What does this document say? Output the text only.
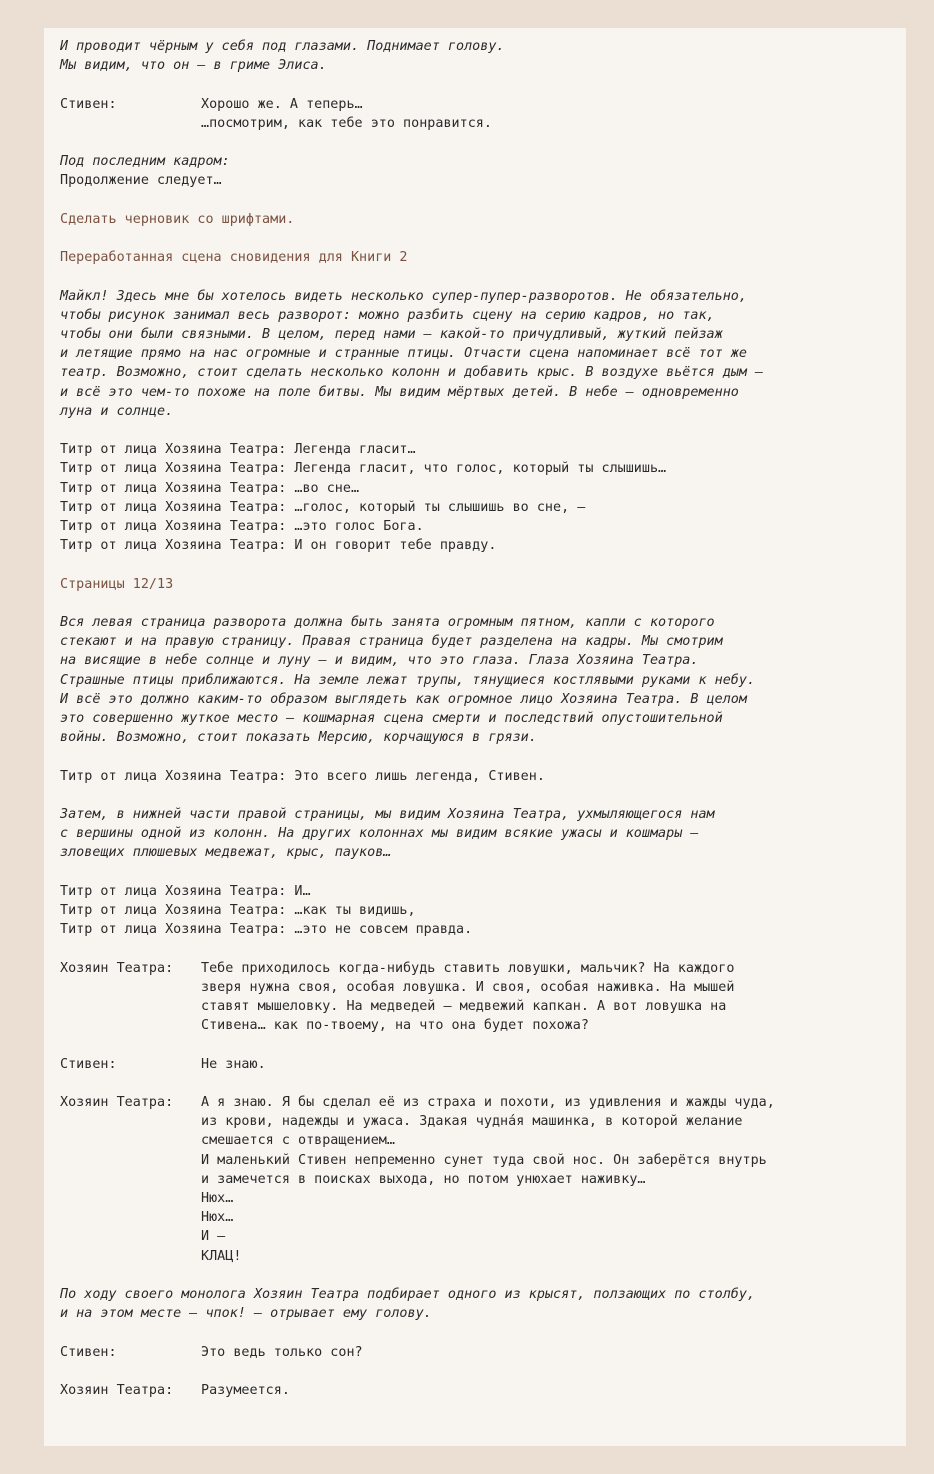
И проводит чёрным у себя под глазами. Поднимает голову.
Мы видим, что он – в гриме Элиса.
Стивен:	Хорошо же. А теперь…
…посмотрим, как тебе это понравится.
Под последним кадром:
Продолжение следует…
Сделать черновик со шрифтами.
Переработанная сцена сновидения для Книги 2
Майкл! Здесь мне бы хотелось видеть несколько супер-пупер-разворотов. Не обязательно,
чтобы рисунок занимал весь разворот: можно разбить сцену на серию кадров, но так,
чтобы они были связными. В целом, перед нами – какой-то причудливый, жуткий пейзаж
и летящие прямо на нас огромные и странные птицы. Отчасти сцена напоминает всё тот же
театр. Возможно, стоит сделать несколько колонн и добавить крыс. В воздухе вьётся дым –
и всё это чем-то похоже на поле битвы. Мы видим мёртвых детей. В небе – одновременно
луна и солнце.
Титр от лица Хозяина Театра: Легенда гласит…
Титр от лица Хозяина Театра: Легенда гласит, что голос, который ты слышишь…
Титр от лица Хозяина Театра: …во сне…
Титр от лица Хозяина Театра: …голос, который ты слышишь во сне, –
Титр от лица Хозяина Театра: …это голос Бога.
Титр от лица Хозяина Театра: И он говорит тебе правду.
Страницы 12/13
Вся левая страница разворота должна быть занята огромным пятном, капли с которого
стекают и на правую страницу. Правая страница будет разделена на кадры. Мы смотрим
на висящие в небе солнце и луну – и видим, что это глаза. Глаза Хозяина Театра.
Страшные птицы приближаются. На земле лежат трупы, тянущиеся костлявыми руками к небу.
И всё это должно каким-то образом выглядеть как огромное лицо Хозяина Театра. В целом
это совершенно жуткое место – кошмарная сцена смерти и последствий опустошительной
войны. Возможно, стоит показать Мерсию, корчащуюся в грязи.
Титр от лица Хозяина Театра: Это всего лишь легенда, Стивен.
Затем, в нижней части правой страницы, мы видим Хозяина Театра, ухмыляющегося нам
с вершины одной из колонн. На других колоннах мы видим всякие ужасы и кошмары –
зловещих плюшевых медвежат, крыс, пауков…
Титр от лица Хозяина Театра: И…
Титр от лица Хозяина Театра: …как ты видишь,
Титр от лица Хозяина Театра: …это не совсем правда.
Хозяин Театра:	Тебе приходилось когда-нибудь ставить ловушки, мальчик? На каждого
зверя нужна своя, особая ловушка. И своя, особая наживка. На мышей
ставят мышеловку. На медведей – медвежий капкан. А вот ловушка на
Стивена… как по-твоему, на что она будет похожа?
Стивен:	Не знаю.
Хозяин Театра:	А я знаю. Я бы сделал её из страха и похоти, из удивления и жажды чуда,
из крови, надежды и ужаса. Здакая чудна́я машинка, в которой желание
смешается с отвращением…
И маленький Стивен непременно сунет туда свой нос. Он заберётся внутрь
и замечется в поисках выхода, но потом унюхает наживку…
Нюх…
Нюх…
И –
КЛАЦ!
По ходу своего монолога Хозяин Театра подбирает одного из крысят, ползающих по столбу,
и на этом месте – чпок! – отрывает ему голову.
Стивен:	Это ведь только сон?
Хозяин Театра:	Разумеется.
